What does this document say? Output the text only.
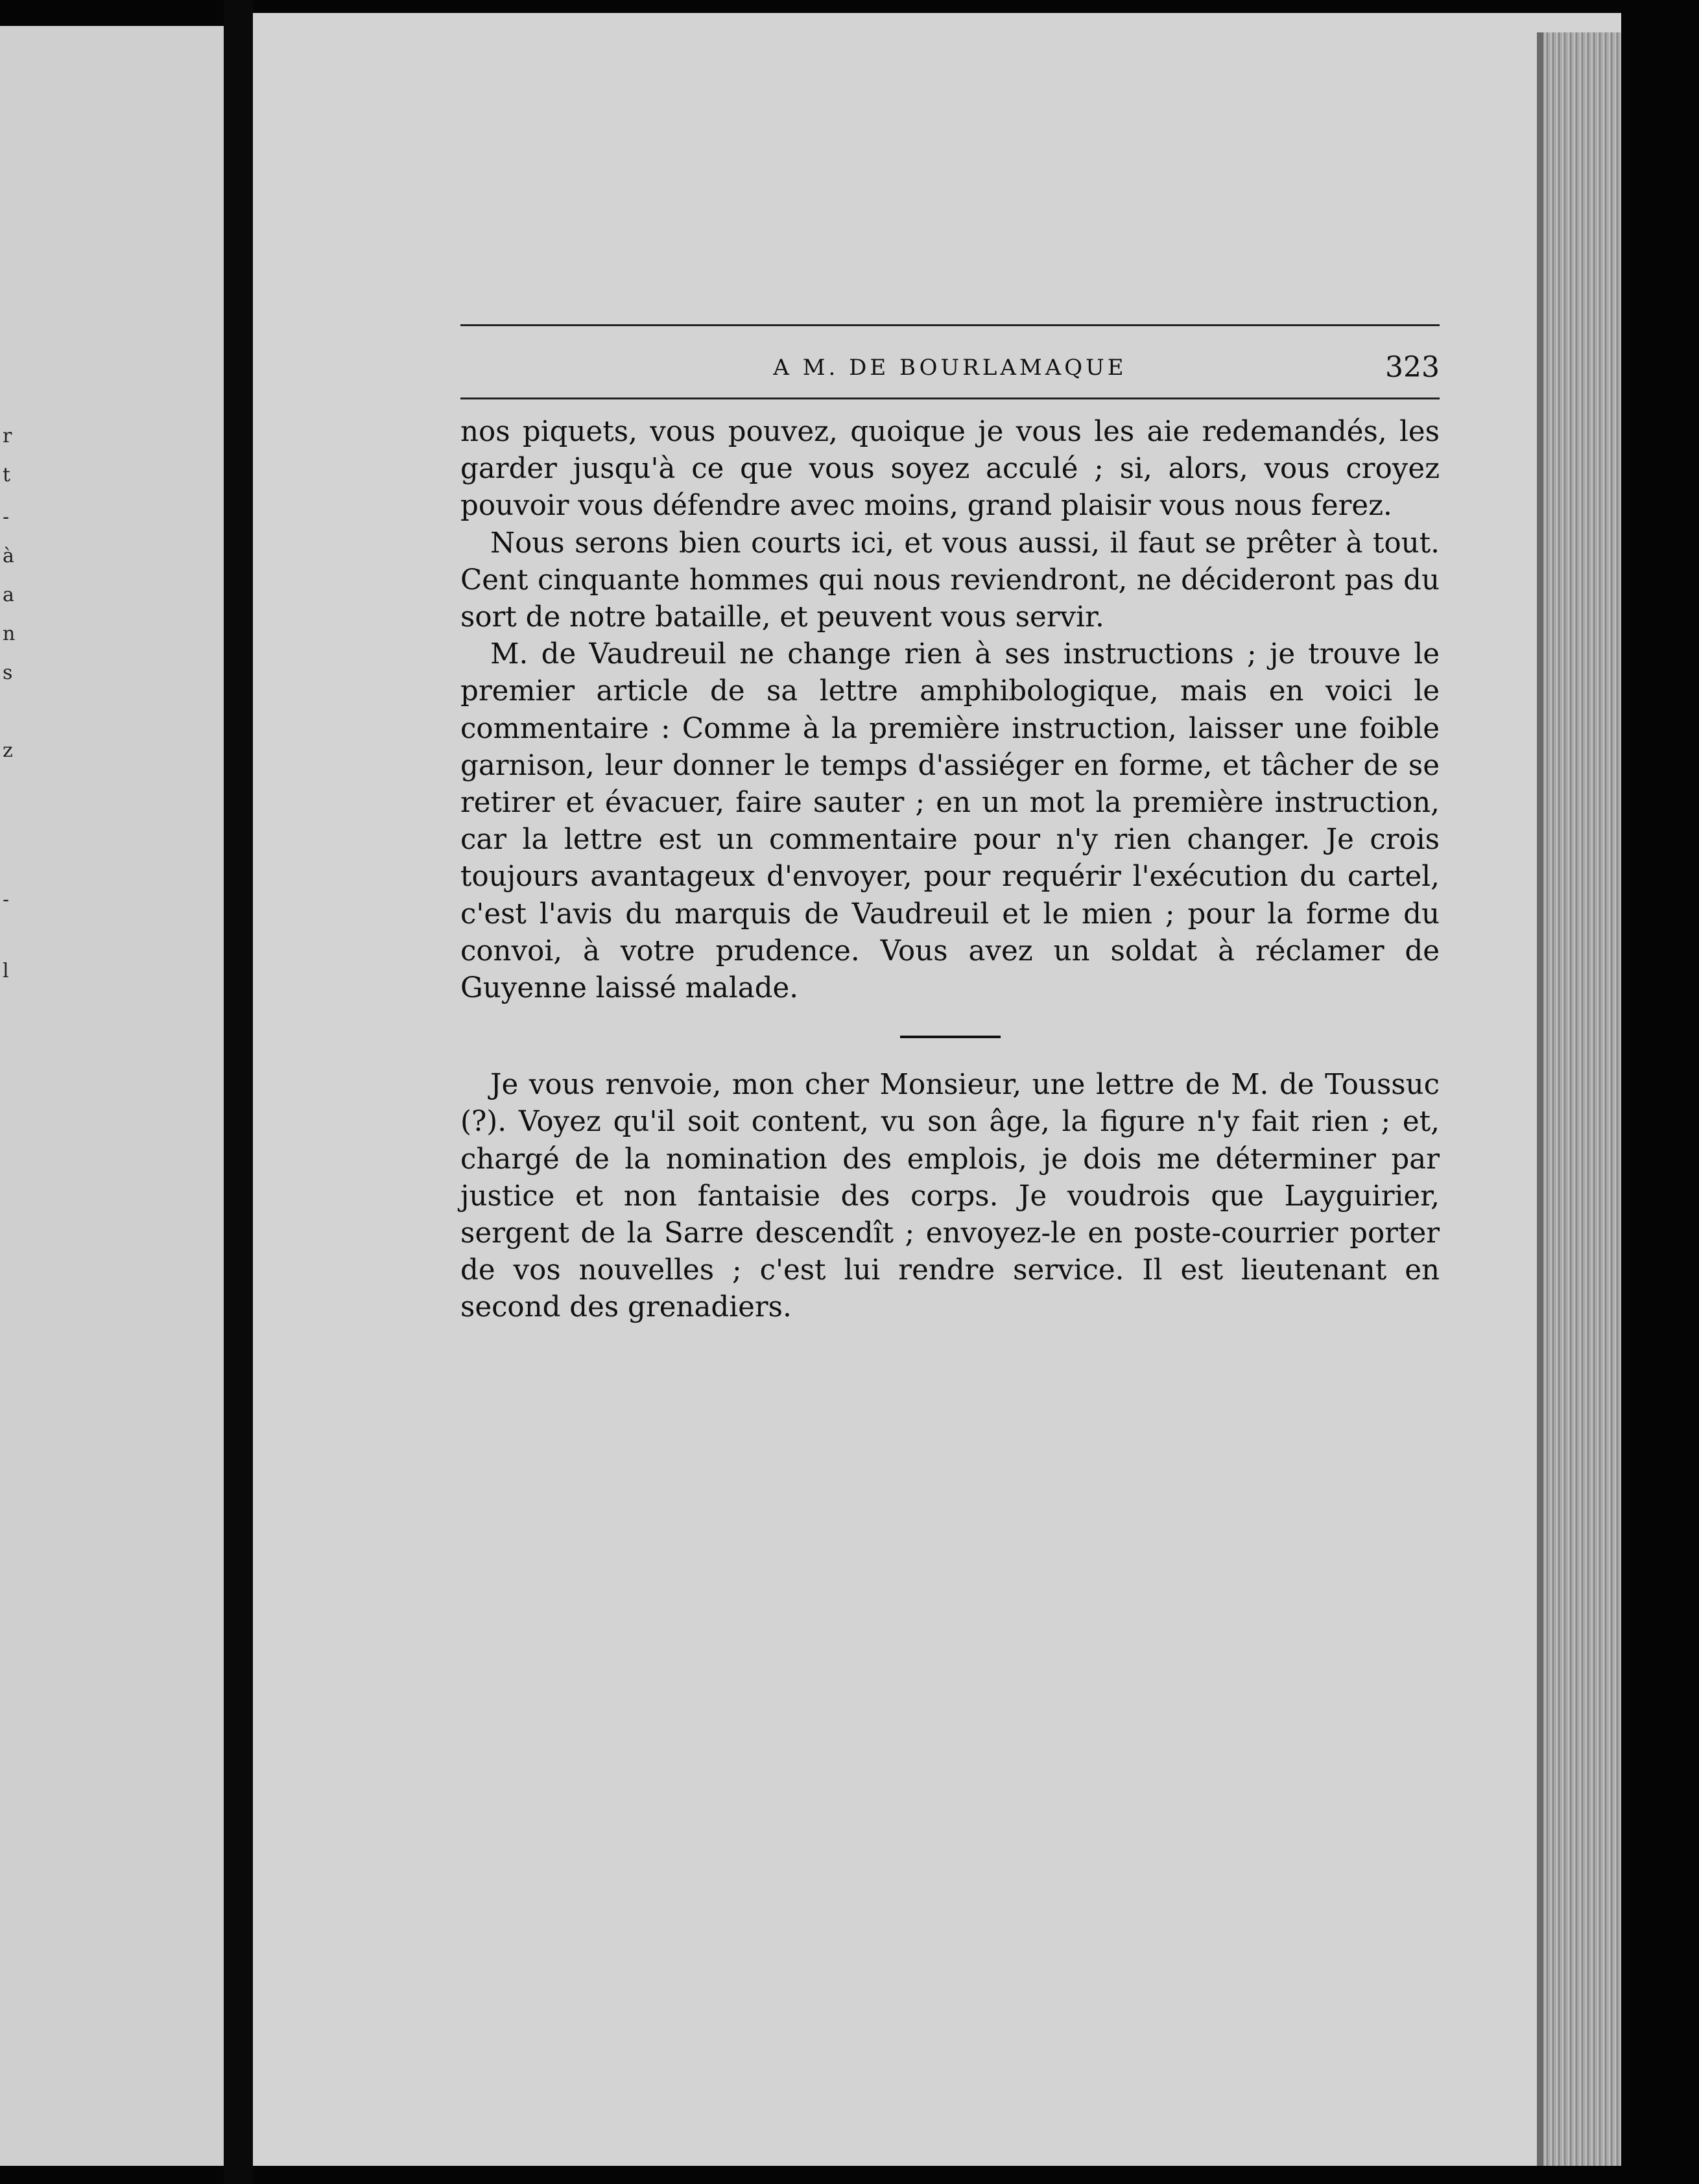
r
t
-
à
a
n
s
z
-
l
A M. DE BOURLAMAQUE	323

nos piquets, vous pouvez, quoique je vous les aie redemandés, les garder jusqu'à ce que vous soyez acculé ; si, alors, vous croyez pouvoir vous défendre avec moins, grand plaisir vous nous ferez.

Nous serons bien courts ici, et vous aussi, il faut se prêter à tout. Cent cinquante hommes qui nous reviendront, ne décideront pas du sort de notre bataille, et peuvent vous servir.

M. de Vaudreuil ne change rien à ses instructions ; je trouve le premier article de sa lettre amphibologique, mais en voici le commentaire : Comme à la première instruction, laisser une foible garnison, leur donner le temps d'assiéger en forme, et tâcher de se retirer et évacuer, faire sauter ; en un mot la première instruction, car la lettre est un commentaire pour n'y rien changer. Je crois toujours avantageux d'envoyer, pour requérir l'exécution du cartel, c'est l'avis du marquis de Vaudreuil et le mien ; pour la forme du convoi, à votre prudence. Vous avez un soldat à réclamer de Guyenne laissé malade.

Je vous renvoie, mon cher Monsieur, une lettre de M. de Toussuc (?). Voyez qu'il soit content, vu son âge, la figure n'y fait rien ; et, chargé de la nomination des emplois, je dois me déterminer par justice et non fantaisie des corps. Je voudrois que Layguirier, sergent de la Sarre descendît ; envoyez-le en poste-courrier porter de vos nouvelles ; c'est lui rendre service. Il est lieutenant en second des grenadiers.
